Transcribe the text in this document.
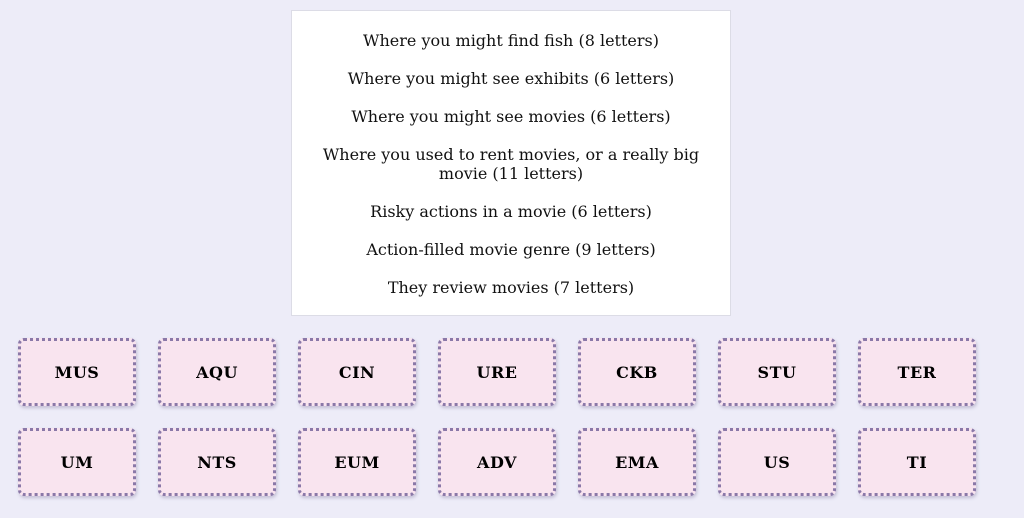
Where you might find fish (8 letters)

Where you might see exhibits (6 letters)

Where you might see movies (6 letters)

Where you used to rent movies, or a really big movie (11 letters)

Risky actions in a movie (6 letters)

Action-filled movie genre (9 letters)

They review movies (7 letters)

MUS	AQU	CIN	URE	CKB	STU	TER
UM	NTS	EUM	ADV	EMA	US	TI
